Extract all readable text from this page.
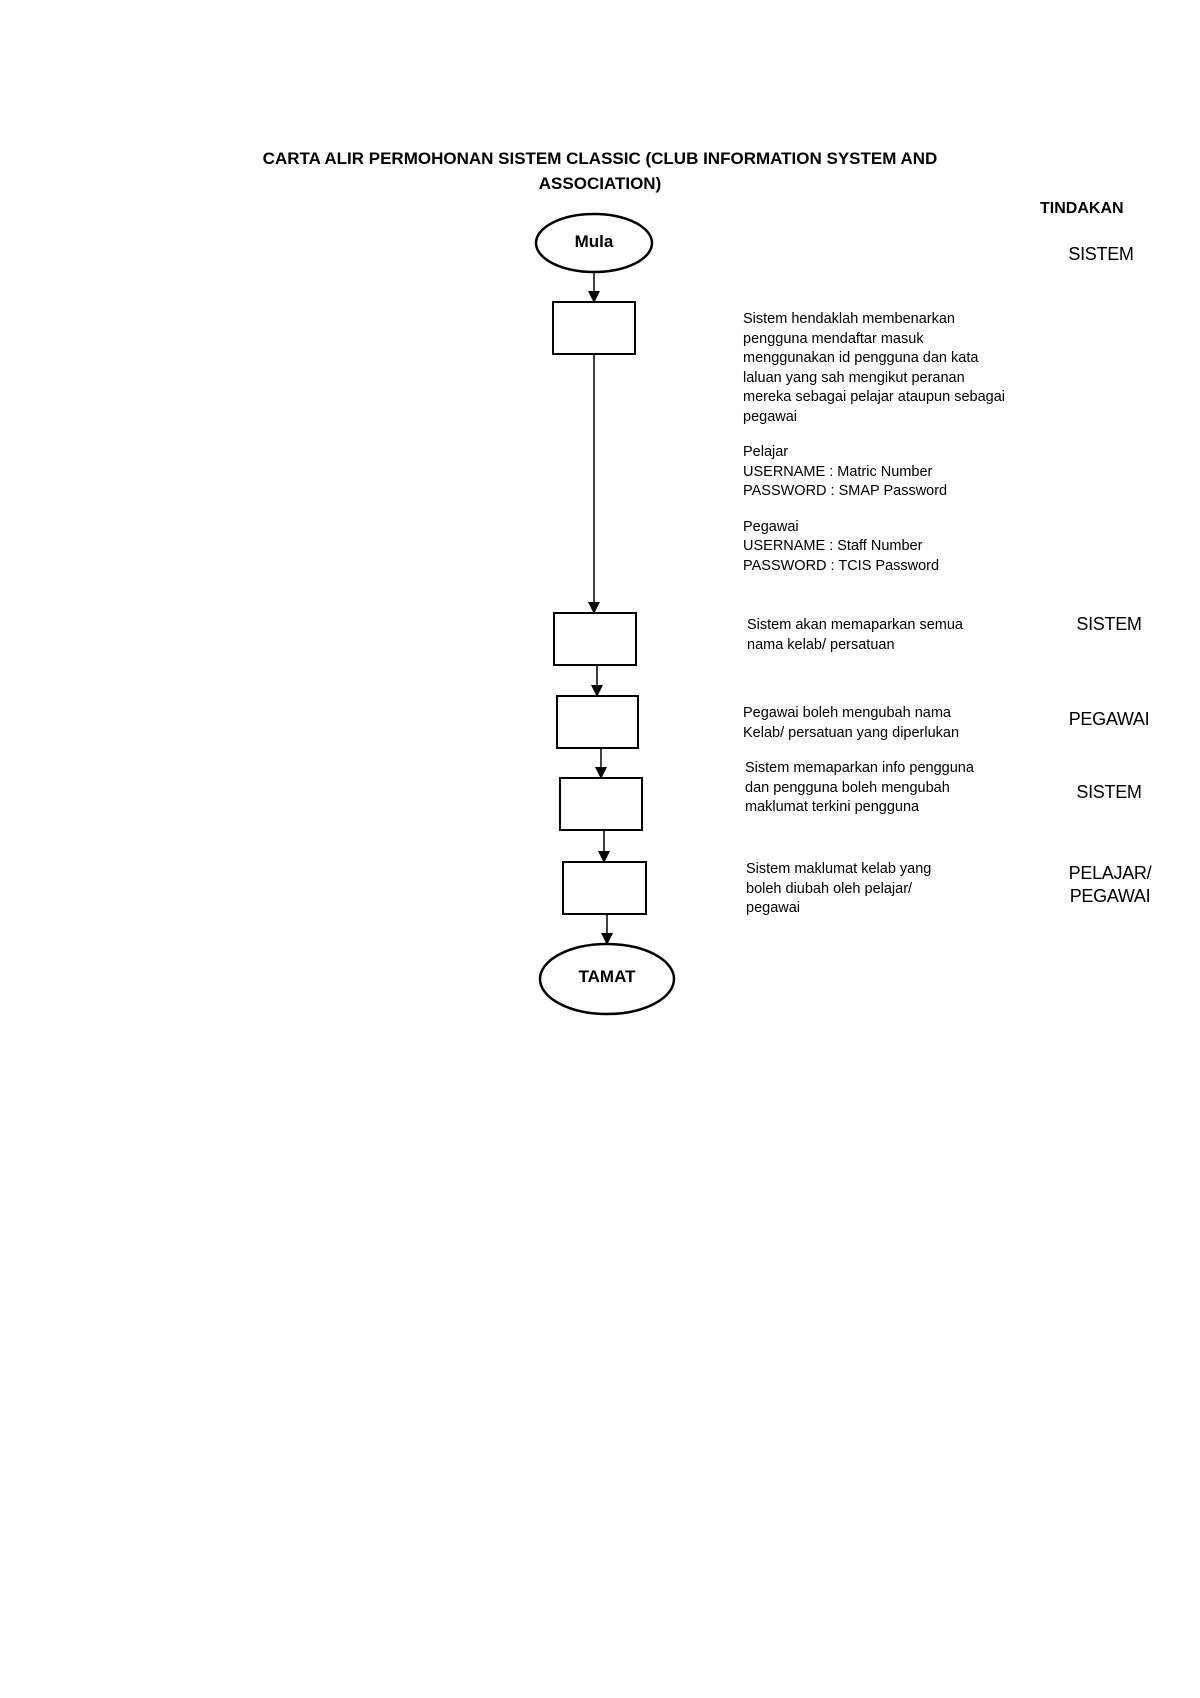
CARTA ALIR PERMOHONAN SISTEM CLASSIC (CLUB INFORMATION SYSTEM AND
ASSOCIATION)
TINDAKAN
Mula
TAMAT
SISTEM
SISTEM
PEGAWAI
SISTEM
PELAJAR/ PEGAWAI

Sistem hendaklah membenarkan pengguna mendaftar masuk menggunakan id pengguna dan kata laluan yang sah mengikut peranan mereka sebagai pelajar ataupun sebagai pegawai

Pelajar
USERNAME : Matric Number
PASSWORD : SMAP Password
Pegawai
USERNAME : Staff Number
PASSWORD : TCIS Password
Sistem akan memaparkan semua nama kelab/ persatuan
Pegawai boleh mengubah nama Kelab/ persatuan yang diperlukan
Sistem memaparkan info pengguna dan pengguna boleh mengubah maklumat terkini pengguna
Sistem maklumat kelab yang boleh diubah oleh pelajar/ pegawai
